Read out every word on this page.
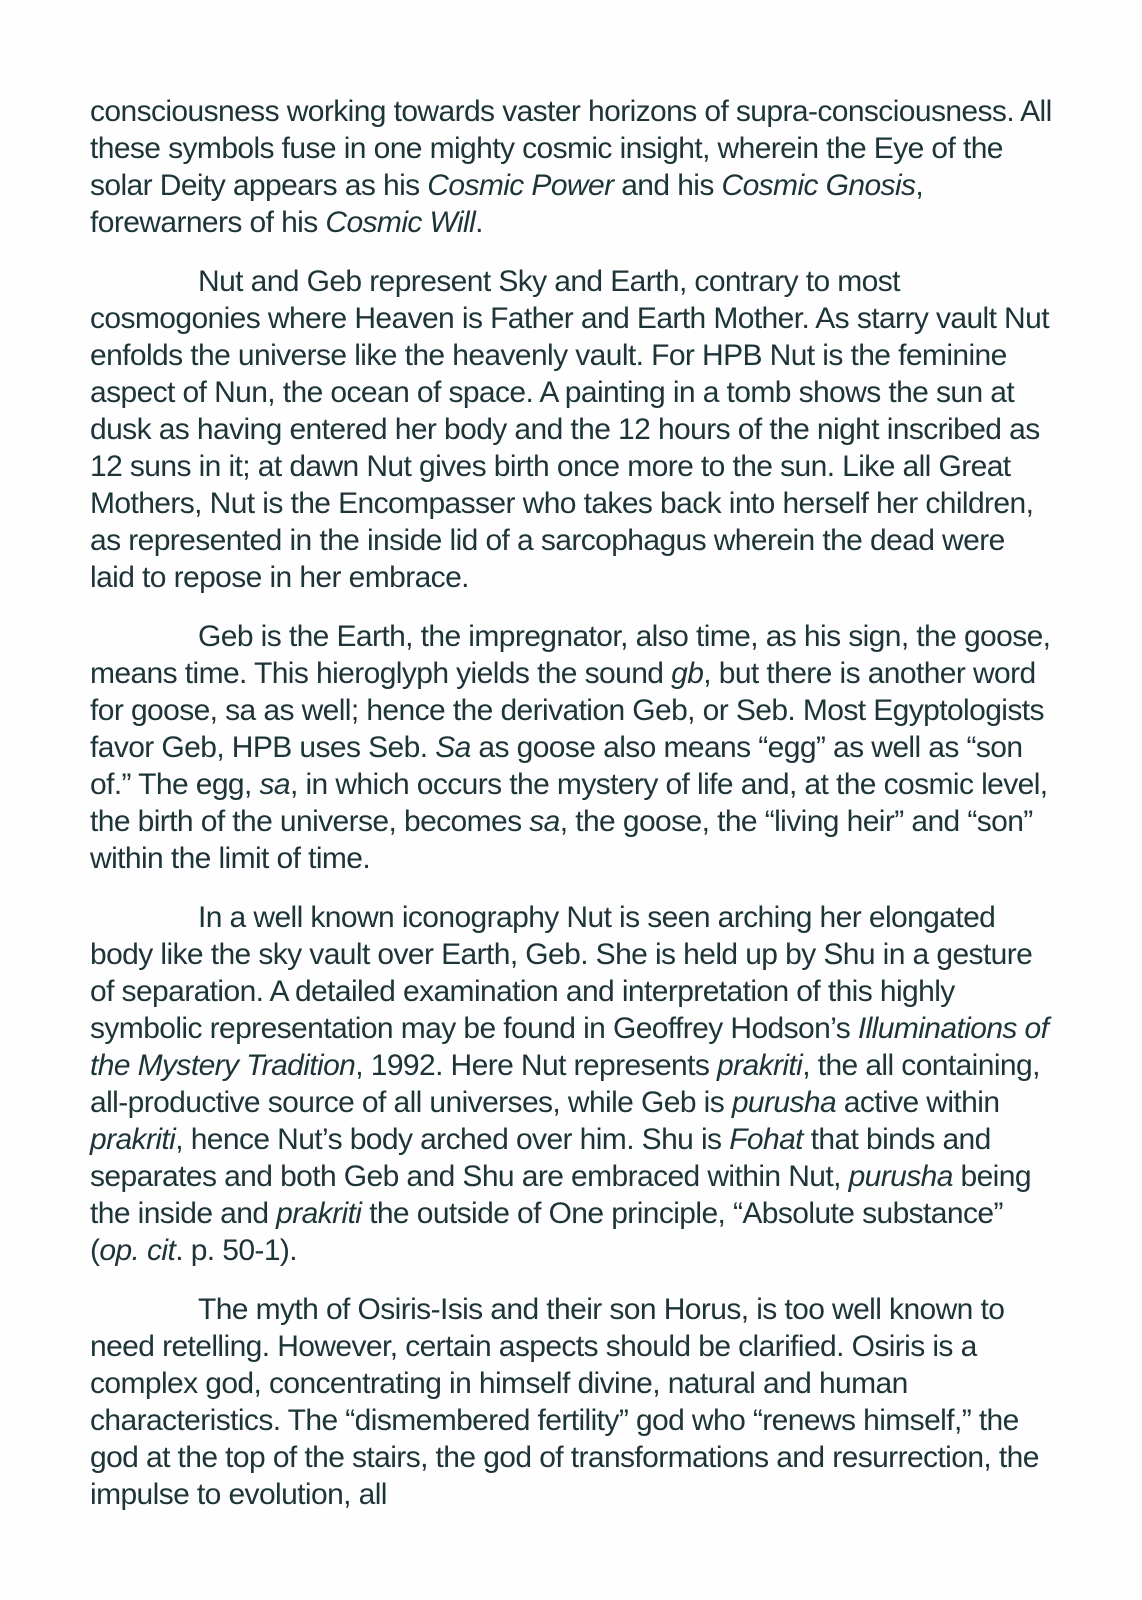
consciousness working towards vaster horizons of supra-consciousness. All these symbols fuse in one mighty cosmic insight, wherein the Eye of the solar Deity appears as his Cosmic Power and his Cosmic Gnosis, forewarners of his Cosmic Will.

Nut and Geb represent Sky and Earth, contrary to most cosmogonies where Heaven is Father and Earth Mother. As starry vault Nut enfolds the universe like the heavenly vault. For HPB Nut is the feminine aspect of Nun, the ocean of space. A painting in a tomb shows the sun at dusk as having entered her body and the 12 hours of the night inscribed as 12 suns in it; at dawn Nut gives birth once more to the sun. Like all Great Mothers, Nut is the Encompasser who takes back into herself her children, as represented in the inside lid of a sarcophagus wherein the dead were laid to repose in her embrace.

Geb is the Earth, the impregnator, also time, as his sign, the goose, means time. This hieroglyph yields the sound gb, but there is another word for goose, sa as well; hence the derivation Geb, or Seb. Most Egyptologists favor Geb, HPB uses Seb. Sa as goose also means “egg” as well as “son of.” The egg, sa, in which occurs the mystery of life and, at the cosmic level, the birth of the universe, becomes sa, the goose, the “living heir” and “son” within the limit of time.

In a well known iconography Nut is seen arching her elongated body like the sky vault over Earth, Geb. She is held up by Shu in a gesture of separation. A detailed examination and interpretation of this highly symbolic representation may be found in Geoffrey Hodson’s Illuminations of the Mystery Tradition, 1992. Here Nut represents prakriti, the all containing, all-productive source of all universes, while Geb is purusha active within prakriti, hence Nut’s body arched over him. Shu is Fohat that binds and separates and both Geb and Shu are embraced within Nut, purusha being the inside and prakriti the outside of One principle, “Absolute substance” (op. cit. p. 50-1).

The myth of Osiris-Isis and their son Horus, is too well known to need retelling. However, certain aspects should be clarified. Osiris is a complex god, concentrating in himself divine, natural and human characteristics. The “dismembered fertility” god who “renews himself,” the god at the top of the stairs, the god of transformations and resurrection, the impulse to evolution, all
